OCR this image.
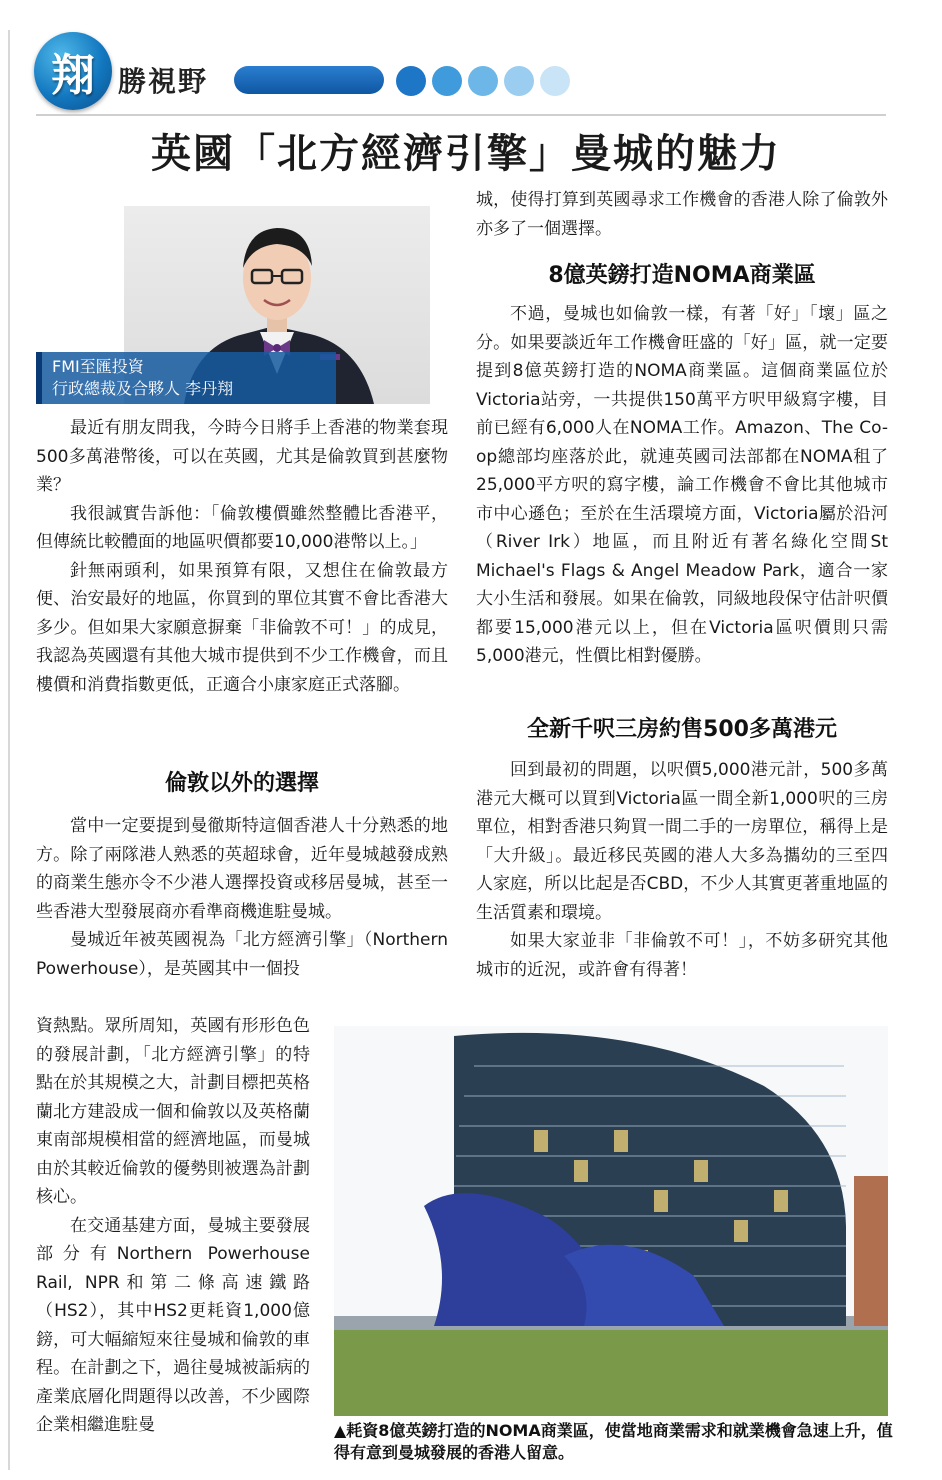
翔 勝視野
英國「北方經濟引擎」曼城的魅力
FMI至匯投資
行政總裁及合夥人 李丹翔

最近有朋友問我，今時今日將手上香港的物業套現500多萬港幣後，可以在英國，尤其是倫敦買到甚麼物業？

我很誠實告訴他：「倫敦樓價雖然整體比香港平，但傳統比較體面的地區呎價都要10,000港幣以上。」

針無兩頭利，如果預算有限，又想住在倫敦最方便、治安最好的地區，你買到的單位其實不會比香港大多少。但如果大家願意摒棄「非倫敦不可！」的成見，我認為英國還有其他大城市提供到不少工作機會，而且樓價和消費指數更低，正適合小康家庭正式落腳。

倫敦以外的選擇

當中一定要提到曼徹斯特這個香港人十分熟悉的地方。除了兩隊港人熟悉的英超球會，近年曼城越發成熟的商業生態亦令不少港人選擇投資或移居曼城，甚至一些香港大型發展商亦看準商機進駐曼城。

曼城近年被英國視為「北方經濟引擎」（Northern Powerhouse），是英國其中一個投

資熱點。眾所周知，英國有形形色色的發展計劃，「北方經濟引擎」的特點在於其規模之大，計劃目標把英格蘭北方建設成一個和倫敦以及英格蘭東南部規模相當的經濟地區，而曼城由於其較近倫敦的優勢則被選為計劃核心。

在交通基建方面，曼城主要發展部分有Northern Powerhouse Rail, NPR和第二條高速鐵路（HS2），其中HS2更耗資1,000億鎊，可大幅縮短來往曼城和倫敦的車程。在計劃之下，過往曼城被詬病的產業底層化問題得以改善，不少國際企業相繼進駐曼

城，使得打算到英國尋求工作機會的香港人除了倫敦外亦多了一個選擇。
8億英鎊打造NOMA商業區

不過，曼城也如倫敦一樣，有著「好」「壞」區之分。如果要談近年工作機會旺盛的「好」區，就一定要提到8億英鎊打造的NOMA商業區。這個商業區位於Victoria站旁，一共提供150萬平方呎甲級寫字樓，目前已經有6,000人在NOMA工作。Amazon、The Co-op總部均座落於此，就連英國司法部都在NOMA租了25,000平方呎的寫字樓，論工作機會不會比其他城市市中心遜色；至於在生活環境方面，Victoria屬於沿河（River Irk）地區，而且附近有著名綠化空間St Michael's Flags & Angel Meadow Park，適合一家大小生活和發展。如果在倫敦，同級地段保守估計呎價都要15,000港元以上，但在Victoria區呎價則只需5,000港元，性價比相對優勝。

全新千呎三房約售500多萬港元

回到最初的問題，以呎價5,000港元計，500多萬港元大概可以買到Victoria區一間全新1,000呎的三房單位，相對香港只夠買一間二手的一房單位，稱得上是「大升級」。最近移民英國的港人大多為攜幼的三至四人家庭，所以比起是否CBD，不少人其實更著重地區的生活質素和環境。

如果大家並非「非倫敦不可！」，不妨多研究其他城市的近況，或許會有得著！

▲耗資8億英鎊打造的NOMA商業區，使當地商業需求和就業機會急速上升，值得有意到曼城發展的香港人留意。
